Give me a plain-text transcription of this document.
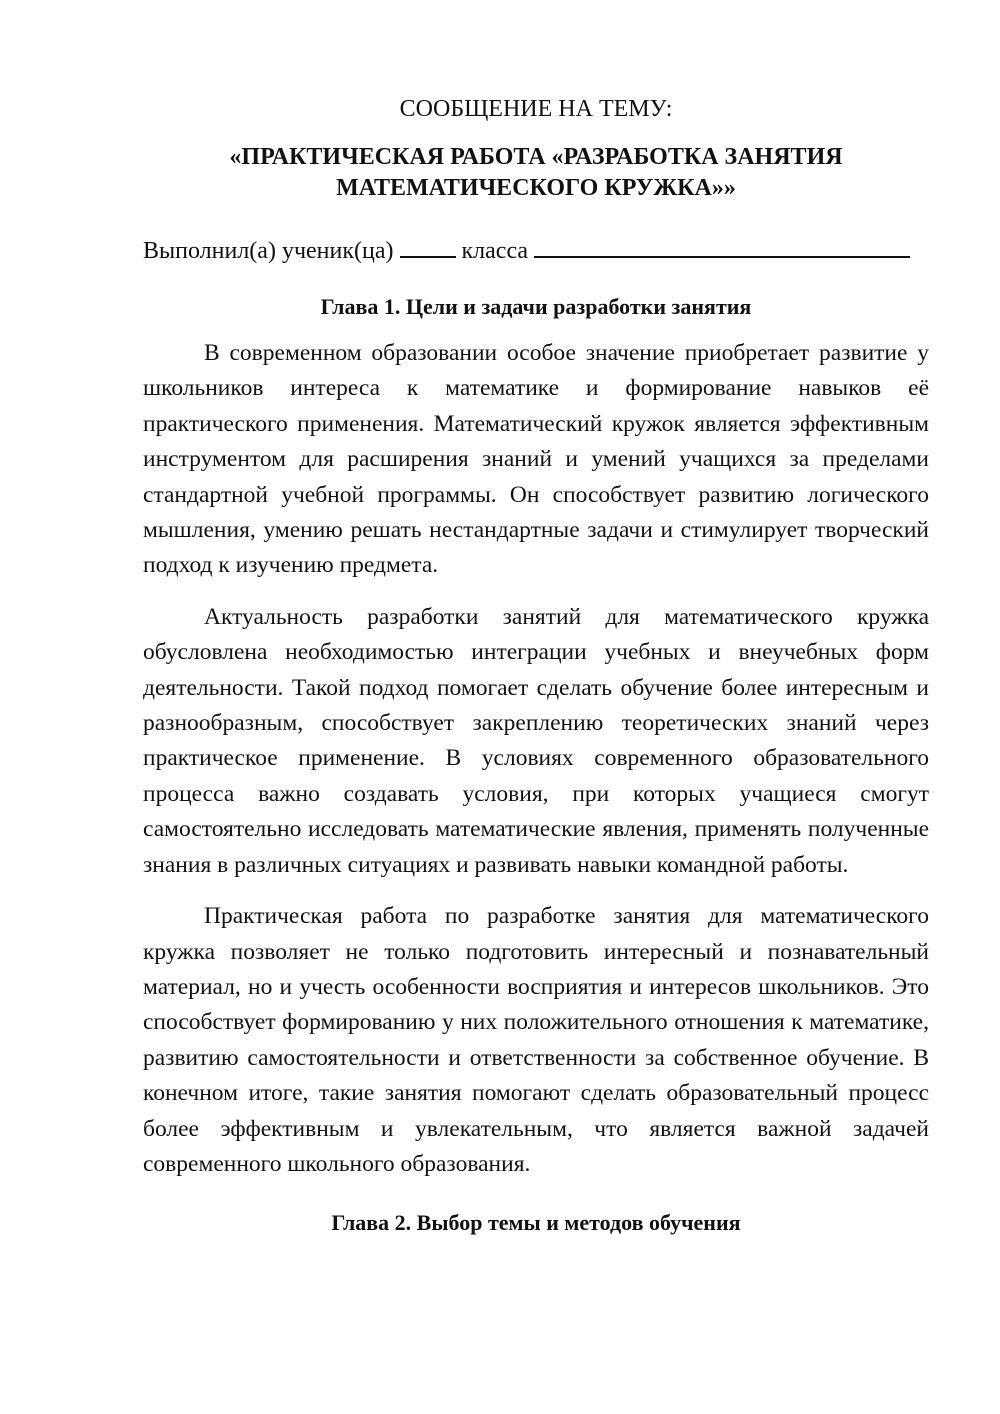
СООБЩЕНИЕ НА ТЕМУ:

«ПРАКТИЧЕСКАЯ РАБОТА «РАЗРАБОТКА ЗАНЯТИЯ
МАТЕМАТИЧЕСКОГО КРУЖКА»»

Выполнил(а) ученик(ца)	класса

Глава 1. Цели и задачи разработки занятия

В современном образовании особое значение приобретает развитие у школьников интереса к математике и формирование навыков её практического применения. Математический кружок является эффективным инструментом для расширения знаний и умений учащихся за пределами стандартной учебной программы. Он способствует развитию логического мышления, умению решать нестандартные задачи и стимулирует творческий подход к изучению предмета.

Актуальность разработки занятий для математического кружка обусловлена необходимостью интеграции учебных и внеучебных форм деятельности. Такой подход помогает сделать обучение более интересным и разнообразным, способствует закреплению теоретических знаний через практическое применение. В условиях современного образовательного процесса важно создавать условия, при которых учащиеся смогут самостоятельно исследовать математические явления, применять полученные знания в различных ситуациях и развивать навыки командной работы.

Практическая работа по разработке занятия для математического кружка позволяет не только подготовить интересный и познавательный материал, но и учесть особенности восприятия и интересов школьников. Это способствует формированию у них положительного отношения к математике, развитию самостоятельности и ответственности за собственное обучение. В конечном итоге, такие занятия помогают сделать образовательный процесс более эффективным и увлекательным, что является важной задачей современного школьного образования.

Глава 2. Выбор темы и методов обучения
